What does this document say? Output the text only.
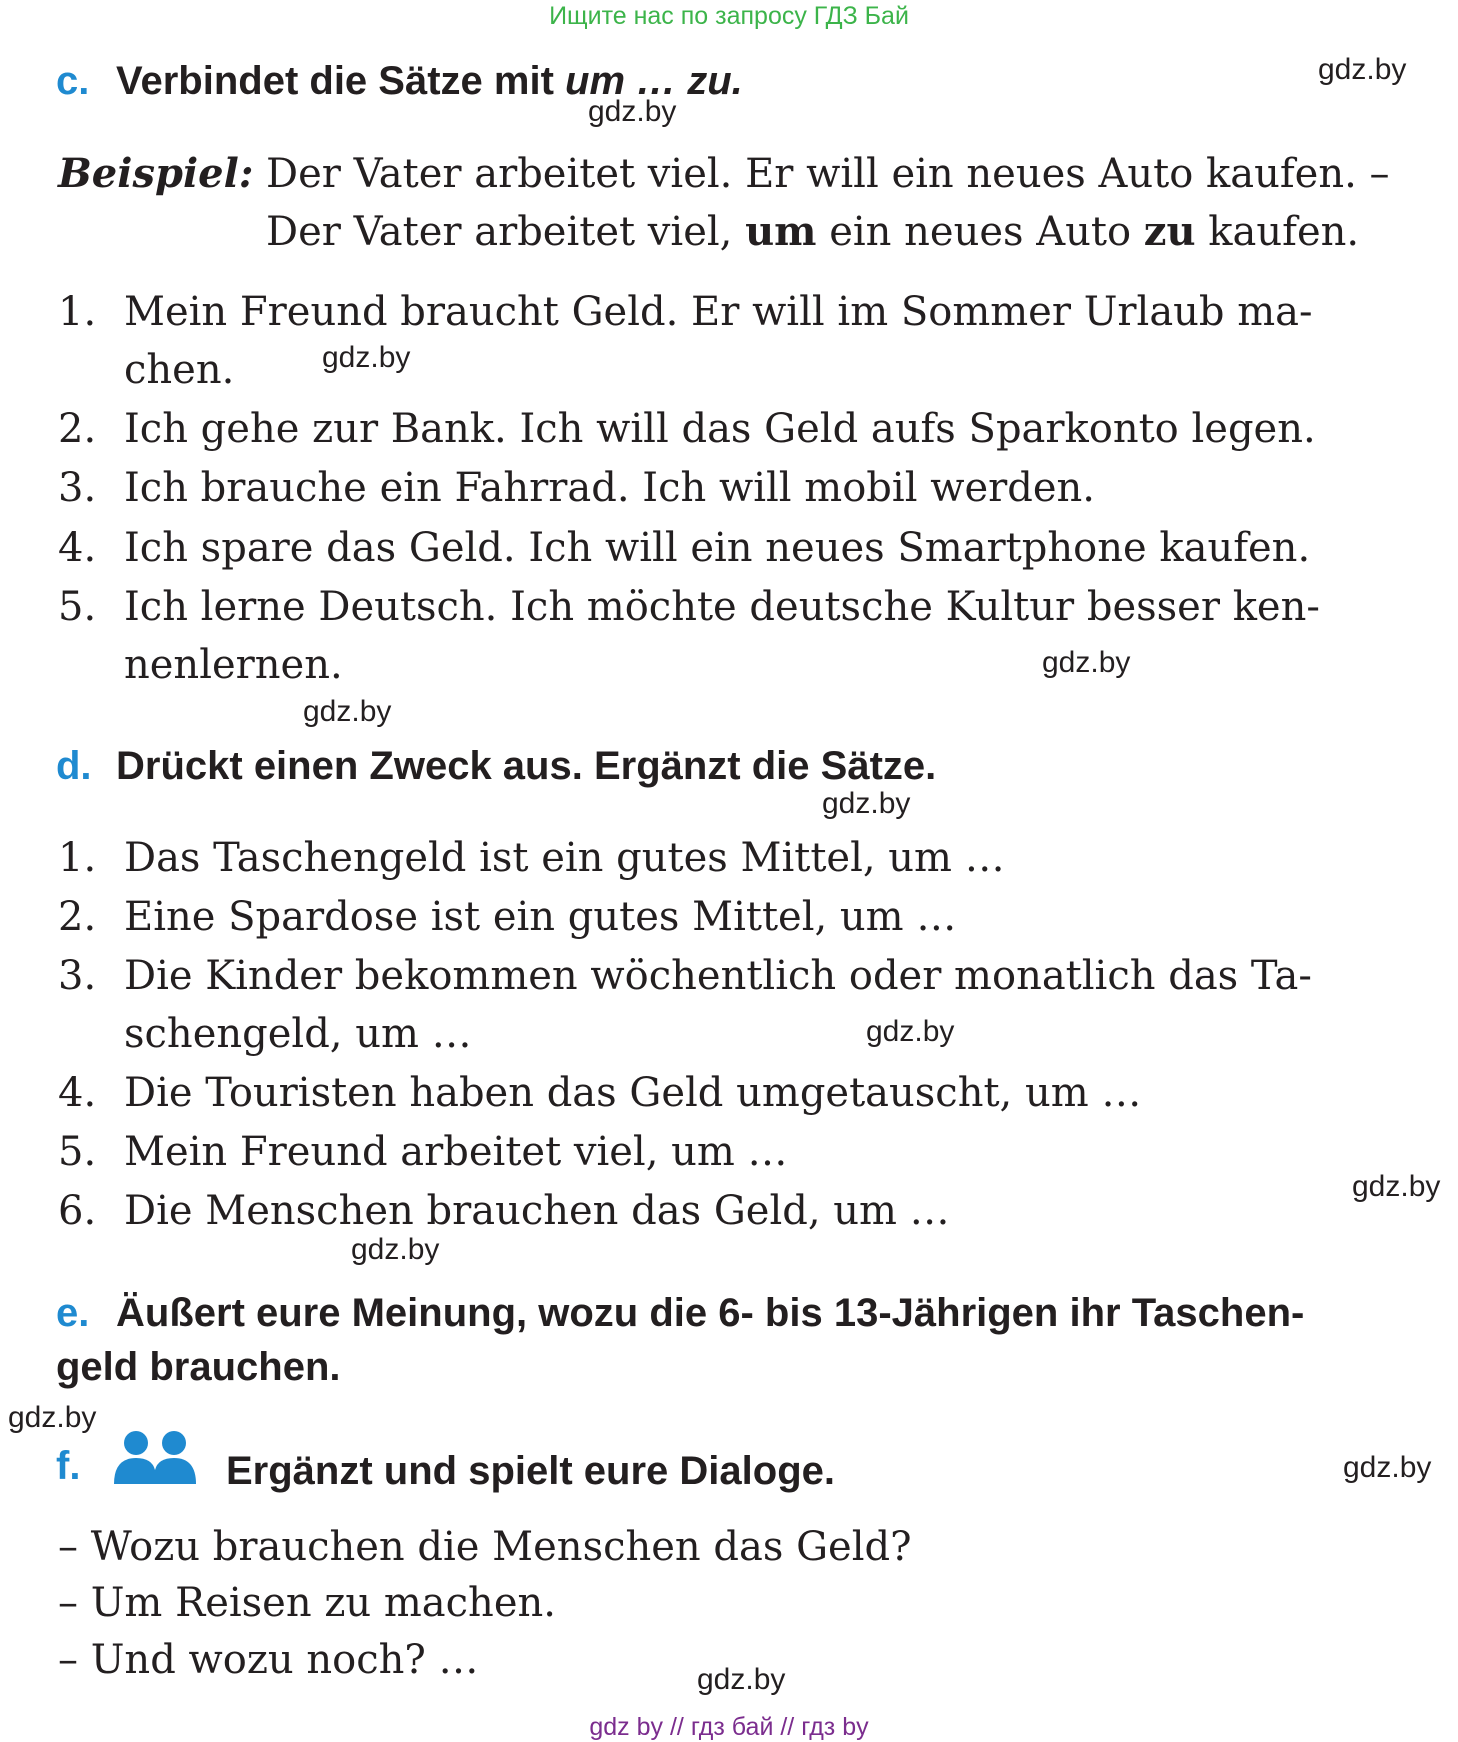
Ищите нас по запросу ГДЗ Бай
gdz.by
gdz.by
gdz.by
gdz.by
gdz.by
gdz.by
gdz.by
gdz.by
gdz.by
gdz.by
gdz.by
gdz.by
c. Verbindet die Sätze mit um … zu.
Beispiel: Der Vater arbeitet viel. Er will ein neues Auto kaufen. –
Der Vater arbeitet viel, um ein neues Auto zu kaufen.
1. Mein Freund braucht Geld. Er will im Sommer Urlaub ma-
chen.
2. Ich gehe zur Bank. Ich will das Geld aufs Sparkonto legen.
3. Ich brauche ein Fahrrad. Ich will mobil werden.
4. Ich spare das Geld. Ich will ein neues Smartphone kaufen.
5. Ich lerne Deutsch. Ich möchte deutsche Kultur besser ken-
nenlernen.
d. Drückt einen Zweck aus. Ergänzt die Sätze.
1. Das Taschengeld ist ein gutes Mittel, um …
2. Eine Spardose ist ein gutes Mittel, um …
3. Die Kinder bekommen wöchentlich oder monatlich das Ta-
schengeld, um …
4. Die Touristen haben das Geld umgetauscht, um …
5. Mein Freund arbeitet viel, um …
6. Die Menschen brauchen das Geld, um …
e. Äußert eure Meinung, wozu die 6- bis 13-Jährigen ihr Taschen-
geld brauchen.
f.	Ergänzt und spielt eure Dialoge.
– Wozu brauchen die Menschen das Geld?
– Um Reisen zu machen.
– Und wozu noch? …
gdz by // гдз бай // гдз by
